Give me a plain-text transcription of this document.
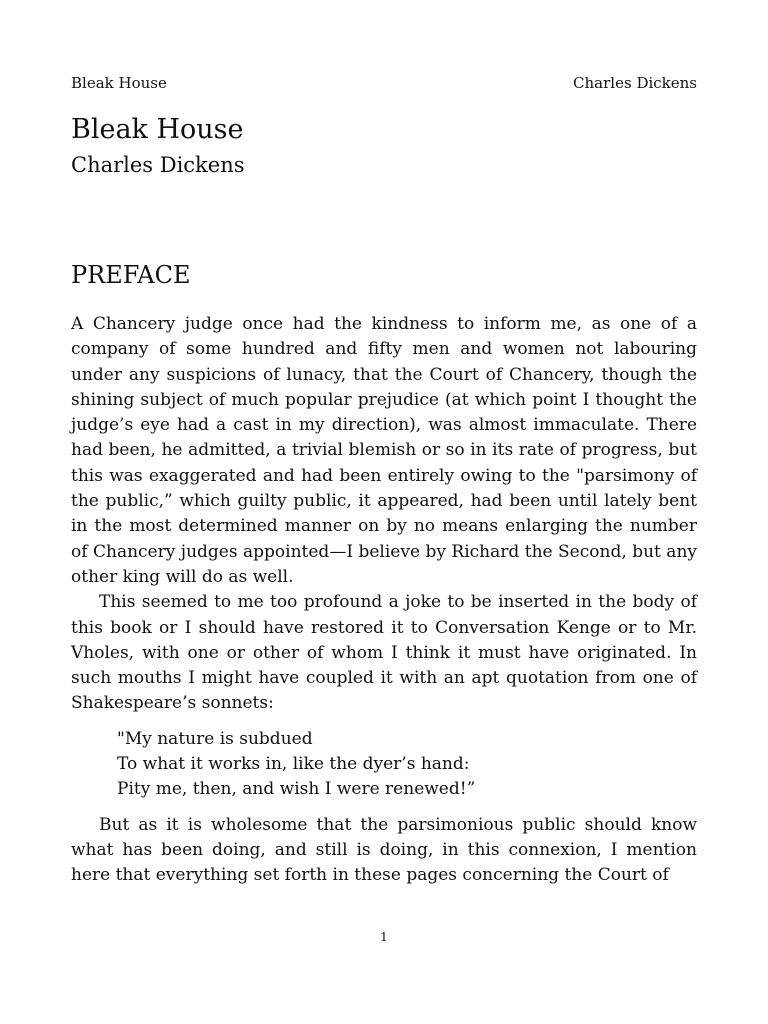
Bleak House	Charles Dickens
Bleak House
Charles Dickens
PREFACE

A Chancery judge once had the kindness to inform me, as one of a company of some hundred and fifty men and women not labouring under any suspicions of lunacy, that the Court of Chancery, though the shining subject of much popular prejudice (at which point I thought the judge’s eye had a cast in my direction), was almost immaculate. There had been, he admitted, a trivial blemish or so in its rate of progress, but this was exaggerated and had been entirely owing to the "parsimony of the public,” which guilty public, it appeared, had been until lately bent in the most determined manner on by no means enlarging the number of Chancery judges appointed—I believe by Richard the Second, but any other king will do as well.

This seemed to me too profound a joke to be inserted in the body of this book or I should have restored it to Conversation Kenge or to Mr. Vholes, with one or other of whom I think it must have originated. In such mouths I might have coupled it with an apt quotation from one of Shakespeare’s sonnets:

"My nature is subdued
To what it works in, like the dyer’s hand:
Pity me, then, and wish I were renewed!”

But as it is wholesome that the parsimonious public should know what has been doing, and still is doing, in this connexion, I mention here that everything set forth in these pages concerning the Court of

1
